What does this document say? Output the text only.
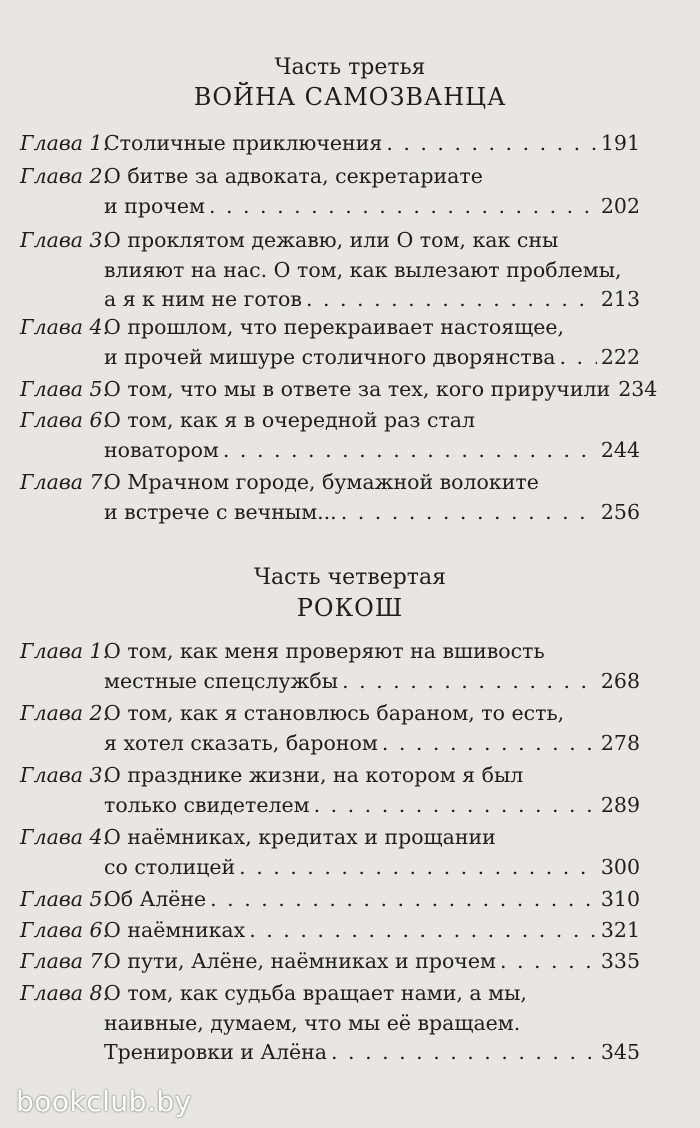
Часть третья
ВОЙНА САМОЗВАНЦА
Глава 1.
Столичные приключения . . .	191
Глава 2.
О битве за адвоката, секретариате
и прочем . . .	202
Глава 3.
О проклятом дежавю, или О том, как сны
влияют на нас. О том, как вылезают проблемы,
а я к ним не готов . . .	213
Глава 4.
О прошлом, что перекраивает настоящее,
и прочей мишуре столичного дворянства . . . 222
Глава 5.
О том, что мы в ответе за тех, кого приручили 234
Глава 6.
О том, как я в очередной раз стал
новатором . . .	244
Глава 7.
О Мрачном городе, бумажной волоките
и встрече с вечным... . . .	256
Часть четвертая
РОКОШ
Глава 1.
О том, как меня проверяют на вшивость
местные спецслужбы . . .	268
Глава 2.
О том, как я становлюсь бараном, то есть,
я хотел сказать, бароном . . .	278
Глава 3.
О празднике жизни, на котором я был
только свидетелем . . .	289
Глава 4.
О наёмниках, кредитах и прощании
со столицей . . .	300
Глава 5.
Об Алёне . . .	310
Глава 6.
О наёмниках . . .	321
Глава 7.
О пути, Алёне, наёмниках и прочем . . .	335
Глава 8.
О том, как судьба вращает нами, а мы,
наивные, думаем, что мы её вращаем.
Тренировки и Алёна . . .	345
bookclub.by
